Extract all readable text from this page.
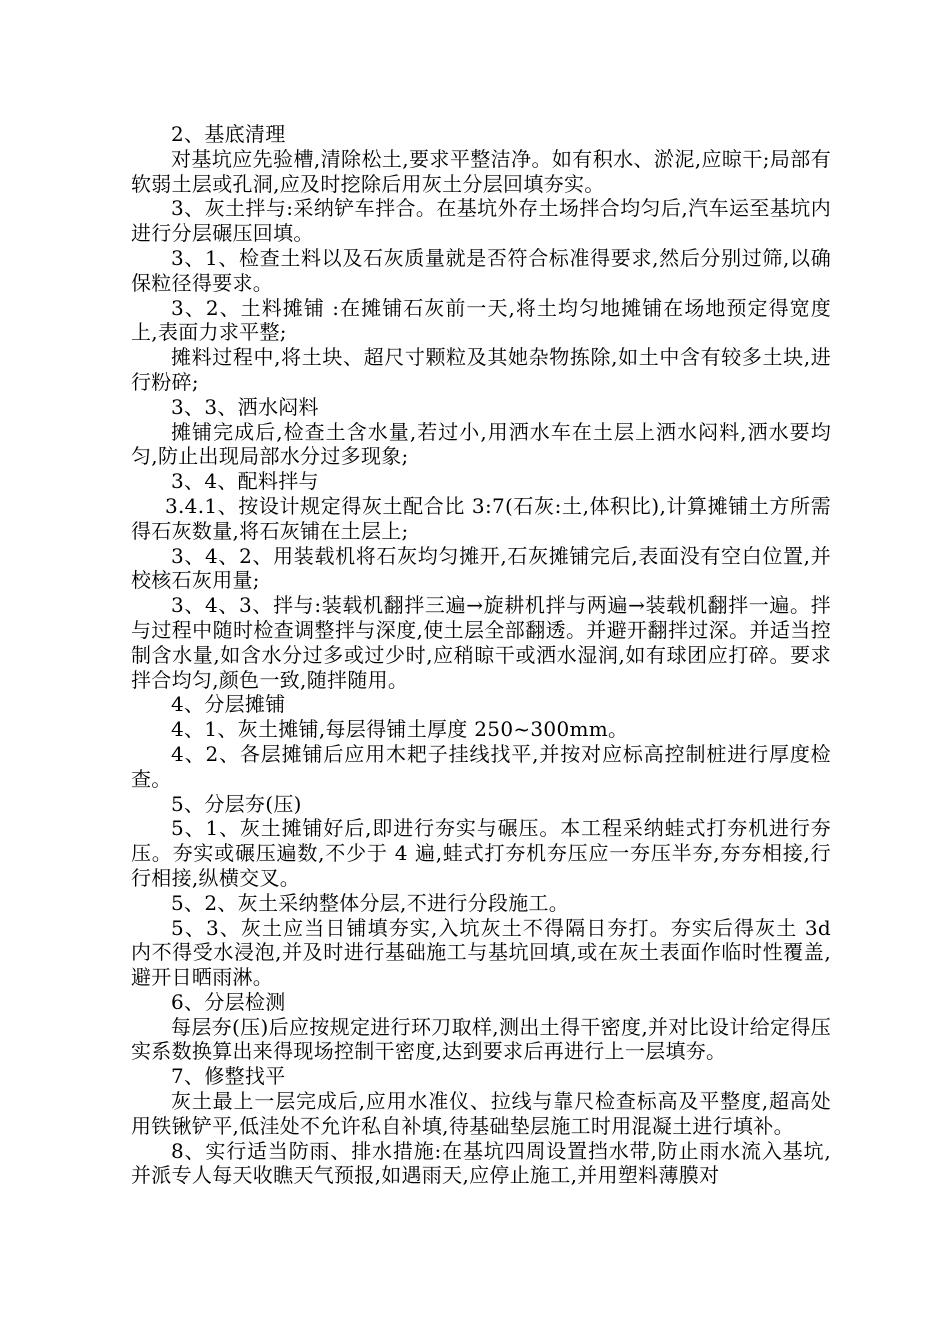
2、基底清理

对基坑应先验槽,清除松土,要求平整洁净。如有积水、淤泥,应晾干;局部有软弱土层或孔洞,应及时挖除后用灰土分层回填夯实。

3、灰土拌与:采纳铲车拌合。在基坑外存土场拌合均匀后,汽车运至基坑内进行分层碾压回填。

3、1、检查土料以及石灰质量就是否符合标准得要求,然后分别过筛,以确保粒径得要求。

3、2、土料摊铺 :在摊铺石灰前一天,将土均匀地摊铺在场地预定得宽度上,表面力求平整;

摊料过程中,将土块、超尺寸颗粒及其她杂物拣除,如土中含有较多土块,进行粉碎;

3、3、洒水闷料

摊铺完成后,检查土含水量,若过小,用洒水车在土层上洒水闷料,洒水要均匀,防止出现局部水分过多现象;

3、4、配料拌与

3.4.1、按设计规定得灰土配合比 3:7(石灰:土,体积比),计算摊铺土方所需得石灰数量,将石灰铺在土层上;

3、4、2、用装载机将石灰均匀摊开,石灰摊铺完后,表面没有空白位置,并校核石灰用量;

3、4、3、拌与:装载机翻拌三遍→旋耕机拌与两遍→装载机翻拌一遍。拌与过程中随时检查调整拌与深度,使土层全部翻透。并避开翻拌过深。并适当控制含水量,如含水分过多或过少时,应稍晾干或洒水湿润,如有球团应打碎。要求拌合均匀,颜色一致,随拌随用。

4、分层摊铺

4、1、灰土摊铺,每层得铺土厚度 250~300mm。

4、2、各层摊铺后应用木耙子挂线找平,并按对应标高控制桩进行厚度检查。

5、分层夯(压)

5、1、灰土摊铺好后,即进行夯实与碾压。本工程采纳蛙式打夯机进行夯压。夯实或碾压遍数,不少于 4 遍,蛙式打夯机夯压应一夯压半夯,夯夯相接,行行相接,纵横交叉。

5、2、灰土采纳整体分层,不进行分段施工。

5、3、灰土应当日铺填夯实,入坑灰土不得隔日夯打。夯实后得灰土 3d 内不得受水浸泡,并及时进行基础施工与基坑回填,或在灰土表面作临时性覆盖,避开日晒雨淋。

6、分层检测

每层夯(压)后应按规定进行环刀取样,测出土得干密度,并对比设计给定得压实系数换算出来得现场控制干密度,达到要求后再进行上一层填夯。

7、修整找平

灰土最上一层完成后,应用水准仪、拉线与靠尺检查标高及平整度,超高处用铁锹铲平,低洼处不允许私自补填,待基础垫层施工时用混凝土进行填补。

8、实行适当防雨、排水措施:在基坑四周设置挡水带,防止雨水流入基坑,并派专人每天收瞧天气预报,如遇雨天,应停止施工,并用塑料薄膜对
